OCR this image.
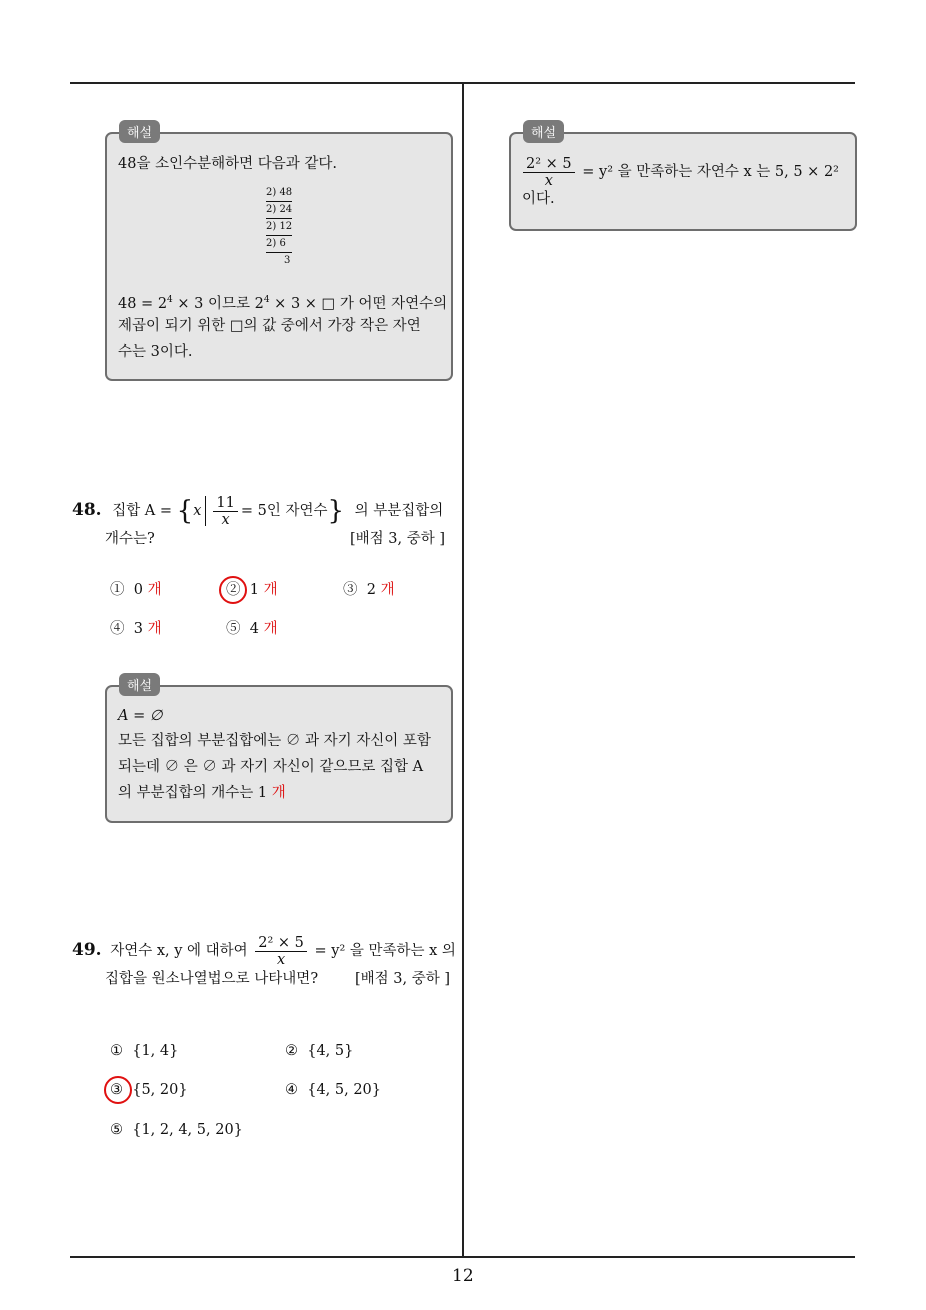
12
해설
48을 소인수분해하면 다음과 같다.
2) 48
2) 24
2) 12
2) 6
3
$48 = 2^4 \times 3$ 이므로 $2^4 \times 3$ × □ 가 어떤 자연수의
제곱이 되기 위한 □의 값 중에서 가장 작은 자연
수는 3이다.
48. 집합 $A = \{x \frac{11}{x} = 5$인 자연수} 의 부분집합의
개수는?	[배점 3, 중하 ]
① 0 개	② 1 개	③ 2 개
④ 3 개	⑤ 4 개
해설
A = ∅
모든 집합의 부분집합에는 ∅ 과 자기 자신이 포함
되는데 ∅ 은 ∅ 과 자기 자신이 같으므로 집합 A
의 부분집합의 개수는 1 개
49. 자연수 x, y 에 대하여 $\frac{\text{2² × 5}}{x} = y^2$ 을 만족하는 x 의
집합을 원소나열법으로 나타내면?	[배점 3, 중하 ]
① {1, 4}	② {4, 5}
③ {5, 20}	④ {4, 5, 20}
⑤ {1, 2, 4, 5, 20}
해설
$\frac{\text{2² × 5}}{x} = y^2$ 을 만족하는 자연수 x 는 5, 5 × 2²
이다.
